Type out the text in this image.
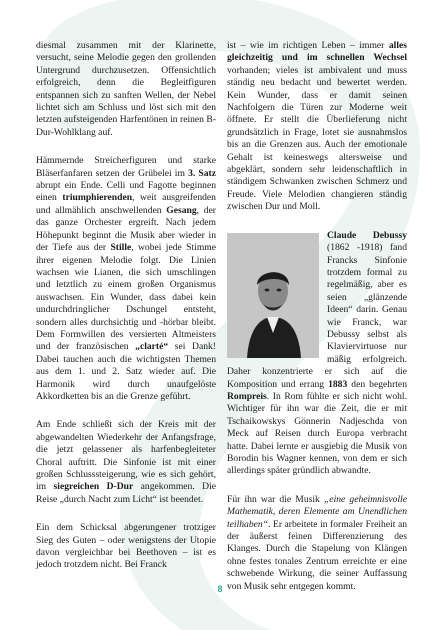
diesmal zusammen mit der Klarinette, versucht, seine Melodie gegen den grollenden Untergrund durchzusetzen. Offensichtlich erfolgreich, denn die Begleitfiguren entspannen sich zu sanften Wellen, der Nebel lichtet sich am Schluss und löst sich mit den letzten aufsteigenden Harfentönen in reinen B-Dur-Wohlklang auf.

Hämmernde Streicherfiguren und starke Bläserfanfaren setzen der Grübelei im 3. Satz abrupt ein Ende. Celli und Fagotte beginnen einen triumphierenden, weit ausgreifenden und allmählich anschwellenden Gesang, der das ganze Orchester ergreift. Nach jedem Höhepunkt beginnt die Musik aber wieder in der Tiefe aus der Stille, wobei jede Stimme ihrer eigenen Melodie folgt. Die Linien wachsen wie Lianen, die sich umschlingen und letztlich zu einem großen Organismus auswachsen. Ein Wunder, dass dabei kein undurchdringlicher Dschungel entsteht, sondern alles durchsichtig und -hörbar bleibt. Dem Formwillen des versierten Altmeisters und der französischen „clarté“ sei Dank! Dabei tauchen auch die wichtigsten Themen aus dem 1. und 2. Satz wieder auf. Die Harmonik wird durch unaufgelöste Akkordketten bis an die Grenze geführt.

Am Ende schließt sich der Kreis mit der abgewandelten Wiederkehr der Anfangsfrage, die jetzt gelassener als harfenbegleiteter Choral auftritt. Die Sinfonie ist mit einer großen Schlusssteigerung, wie es sich gehört, im siegreichen D-Dur angekommen. Die Reise „durch Nacht zum Licht“ ist beendet.

Ein dem Schicksal abgerungener trotziger Sieg des Guten – oder wenigstens der Utopie davon vergleichbar bei Beethoven – ist es jedoch trotzdem nicht. Bei Franck

ist – wie im richtigen Leben – immer alles gleichzeitig und im schnellen Wechsel vorhanden; vieles ist ambivalent und muss ständig neu bedacht und bewertet werden. Kein Wunder, dass er damit seinen Nachfolgern die Türen zur Moderne weit öffnete. Er stellt die Überlieferung nicht grundsätzlich in Frage, lotet sie ausnahmslos bis an die Grenzen aus. Auch der emotionale Gehalt ist keineswegs altersweise und abgeklärt, sondern sehr leidenschaftlich in ständigem Schwanken zwischen Schmerz und Freude. Viele Melodien changieren ständig zwischen Dur und Moll.

Claude Debussy (1862 -1918) fand Francks Sinfonie trotzdem formal zu regelmäßig, aber es seien „glänzende Ideen“ darin. Genau wie Franck, war Debussy selbst als Klaviervirtuose nur mäßig erfolgreich. Daher konzentrierte er sich auf die Komposition und errang 1883 den begehrten Rompreis. In Rom fühlte er sich nicht wohl. Wichtiger für ihn war die Zeit, die er mit Tschaikowskys Gönnerin Nadjeschda von Meck auf Reisen durch Europa verbracht hatte. Dabei lernte er ausgiebig die Musik von Borodin bis Wagner kennen, von dem er sich allerdings später gründlich abwandte.

Für ihn war die Musik „eine geheimnisvolle Mathematik, deren Elemente am Unendlichen teilhaben“. Er arbeitete in formaler Freiheit an der äußerst feinen Differenzierung des Klanges. Durch die Stapelung von Klängen ohne festes tonales Zentrum erreichte er eine schwebende Wirkung, die seiner Auffassung von Musik sehr entgegen kommt.

8
